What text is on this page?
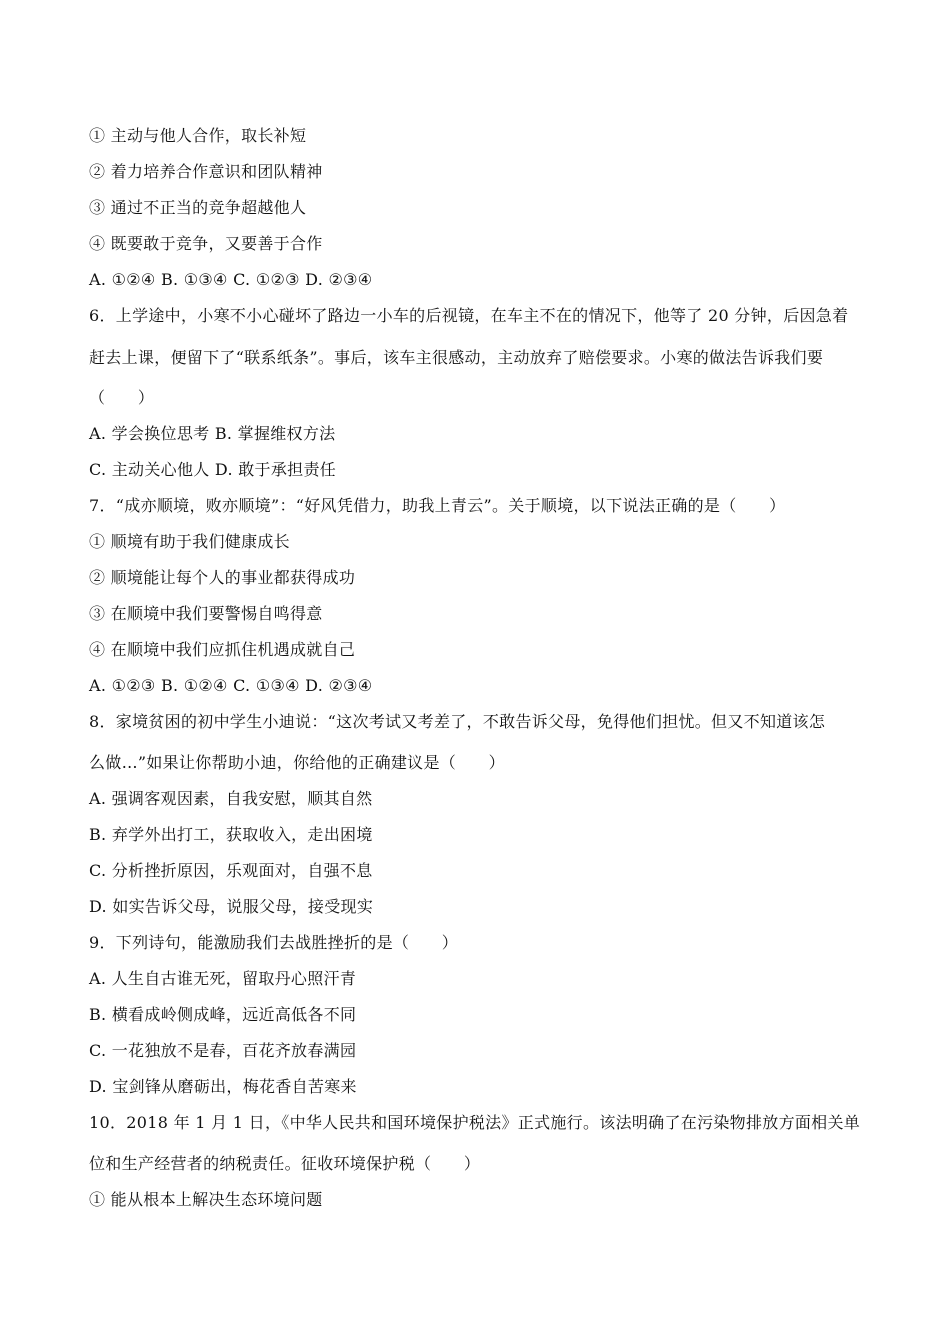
① 主动与他人合作，取长补短
② 着力培养合作意识和团队精神
③ 通过不正当的竞争超越他人
④ 既要敢于竞争，又要善于合作
A. ①②④ B. ①③④ C. ①②③ D. ②③④
6．上学途中，小寒不小心碰坏了路边一小车的后视镜，在车主不在的情况下，他等了 20 分钟，后因急着
赶去上课，便留下了“联系纸条”。事后，该车主很感动，主动放弃了赔偿要求。小寒的做法告诉我们要
（　　）
A. 学会换位思考 B. 掌握维权方法
C. 主动关心他人 D. 敢于承担责任
7．“成亦顺境，败亦顺境”：“好风凭借力，助我上青云”。关于顺境，以下说法正确的是（　　）
① 顺境有助于我们健康成长
② 顺境能让每个人的事业都获得成功
③ 在顺境中我们要警惕自鸣得意
④ 在顺境中我们应抓住机遇成就自己
A. ①②③ B. ①②④ C. ①③④ D. ②③④
8．家境贫困的初中学生小迪说：“这次考试又考差了，不敢告诉父母，免得他们担忧。但又不知道该怎
么做…”如果让你帮助小迪，你给他的正确建议是（　　）
A. 强调客观因素，自我安慰，顺其自然
B. 弃学外出打工，获取收入，走出困境
C. 分析挫折原因，乐观面对，自强不息
D. 如实告诉父母，说服父母，接受现实
9．下列诗句，能激励我们去战胜挫折的是（　　）
A. 人生自古谁无死，留取丹心照汗青
B. 横看成岭侧成峰，远近高低各不同
C. 一花独放不是春，百花齐放春满园
D. 宝剑锋从磨砺出，梅花香自苦寒来
10．2018 年 1 月 1 日，《中华人民共和国环境保护税法》正式施行。该法明确了在污染物排放方面相关单
位和生产经营者的纳税责任。征收环境保护税（　　）
① 能从根本上解决生态环境问题
